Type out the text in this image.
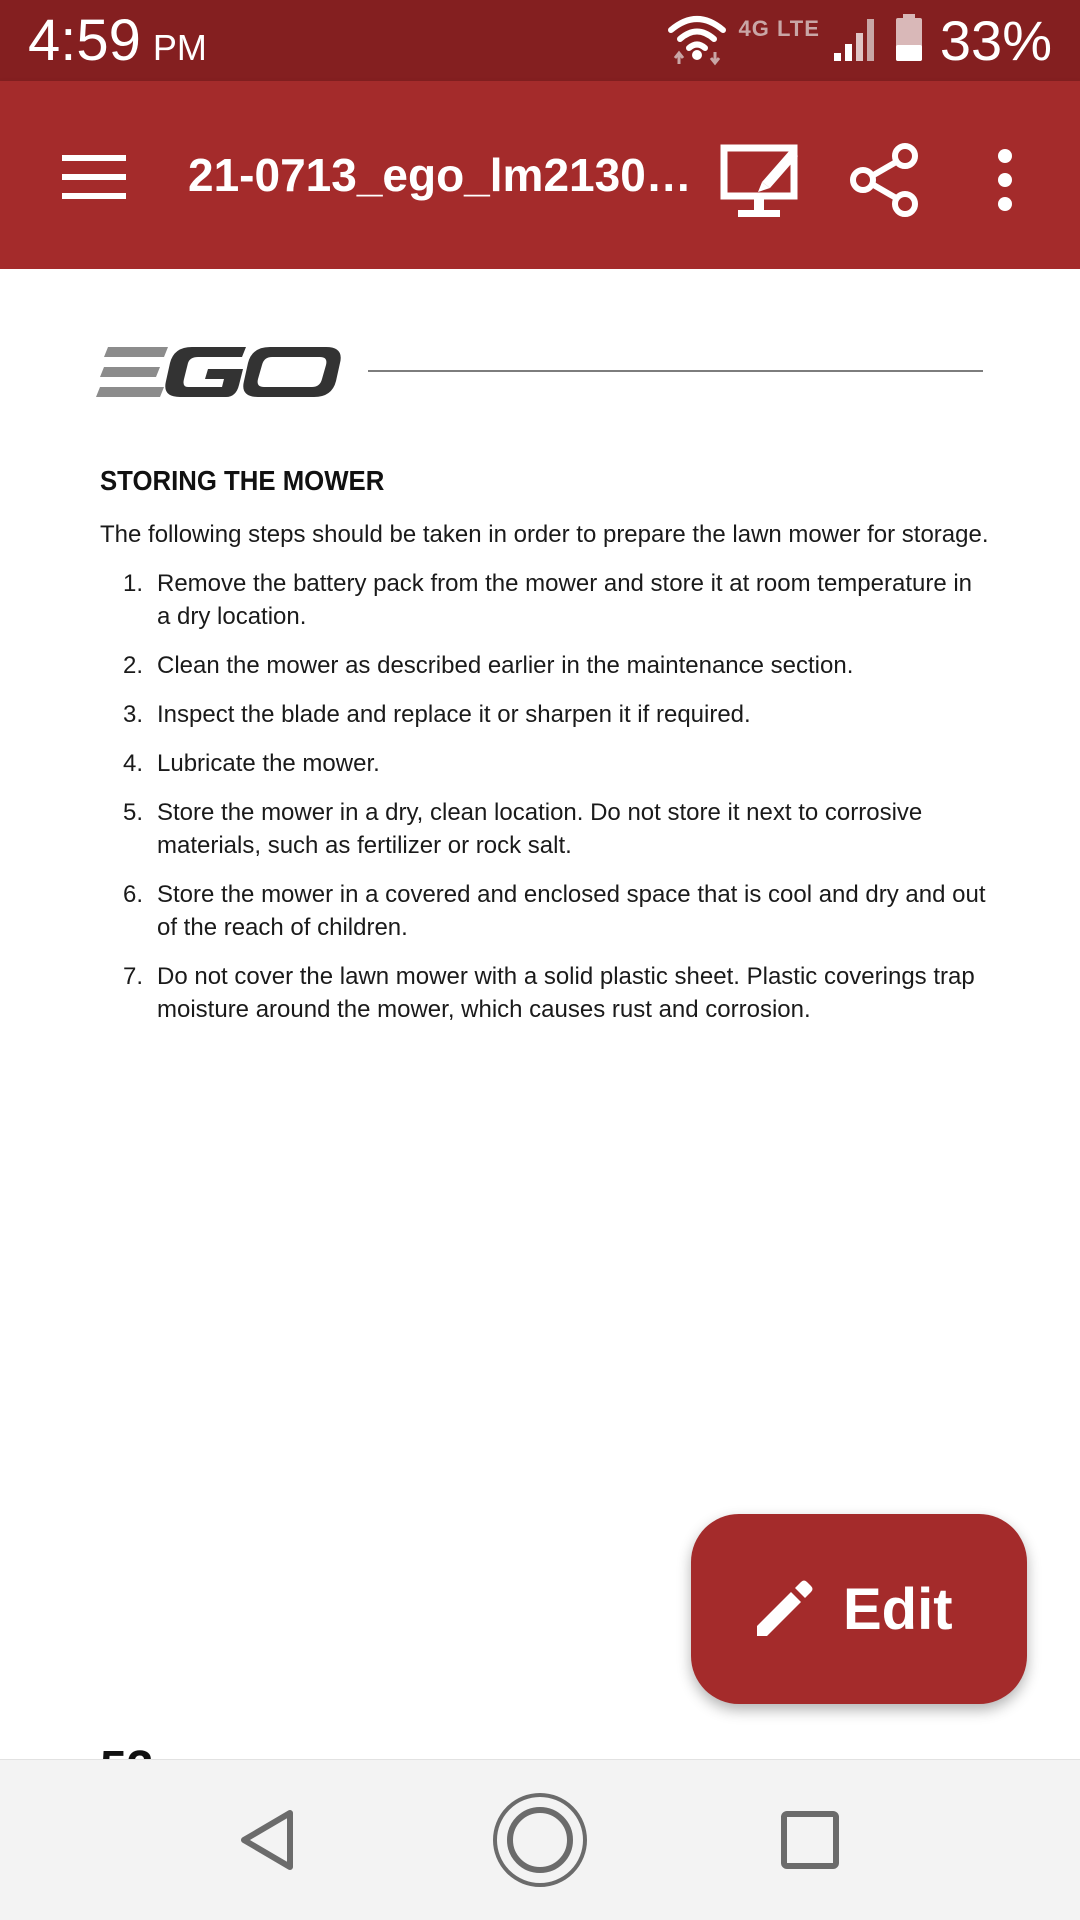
4:59 PM	4G LTE 33%
21-0713_ego_lm2130…
STORING THE MOWER
The following steps should be taken in order to prepare the lawn mower for storage.
1. Remove the battery pack from the mower and store it at room temperature in a dry location.
2. Clean the mower as described earlier in the maintenance section.
3. Inspect the blade and replace it or sharpen it if required.
4. Lubricate the mower.
5. Store the mower in a dry, clean location. Do not store it next to corrosive materials, such as fertilizer or rock salt.
6. Store the mower in a covered and enclosed space that is cool and dry and out of the reach of children.
7. Do not cover the lawn mower with a solid plastic sheet. Plastic coverings trap moisture around the mower, which causes rust and corrosion.
Edit
